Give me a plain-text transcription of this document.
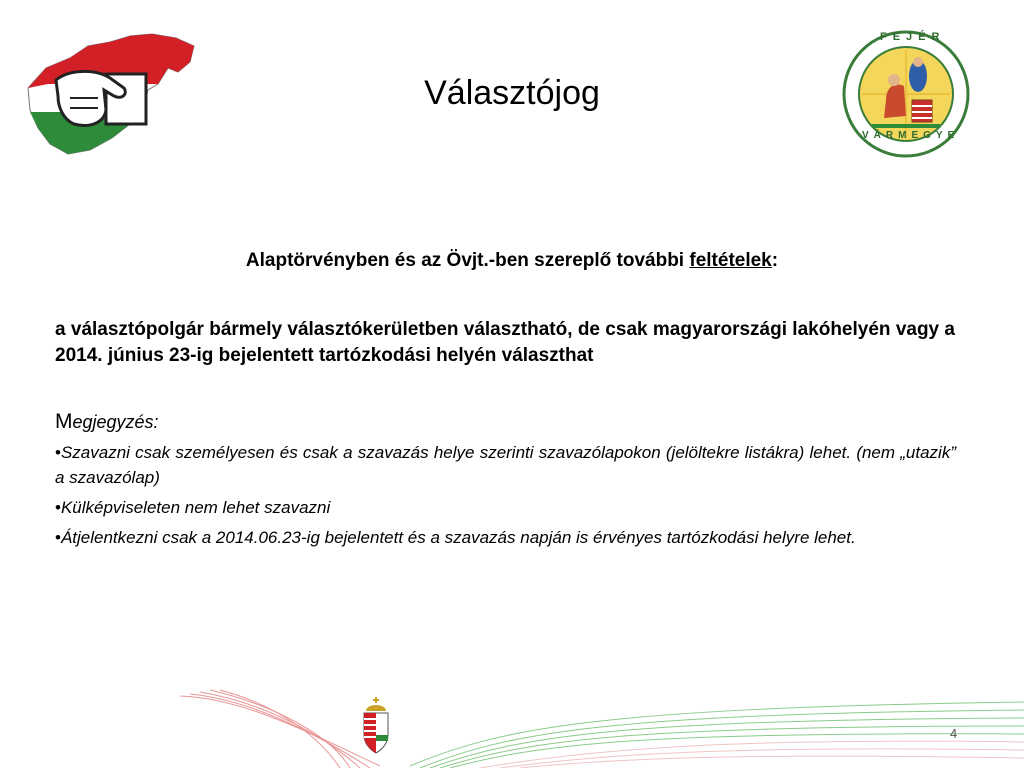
FEJÉR
VÁRMEGYE
Választójog
Alaptörvényben és az Övjt.-ben szereplő további feltételek:
a választópolgár bármely választókerületben választható, de csak magyarországi lakóhelyén vagy a 2014. június 23-ig bejelentett tartózkodási helyén választhat
Megjegyzés:
•Szavazni csak személyesen és csak a szavazás helye szerinti szavazólapokon (jelöltekre listákra) lehet. (nem „utazik” a szavazólap)
•Külképviseleten nem lehet szavazni
•Átjelentkezni csak a 2014.06.23-ig bejelentett és a szavazás napján is érvényes tartózkodási helyre lehet.
4
